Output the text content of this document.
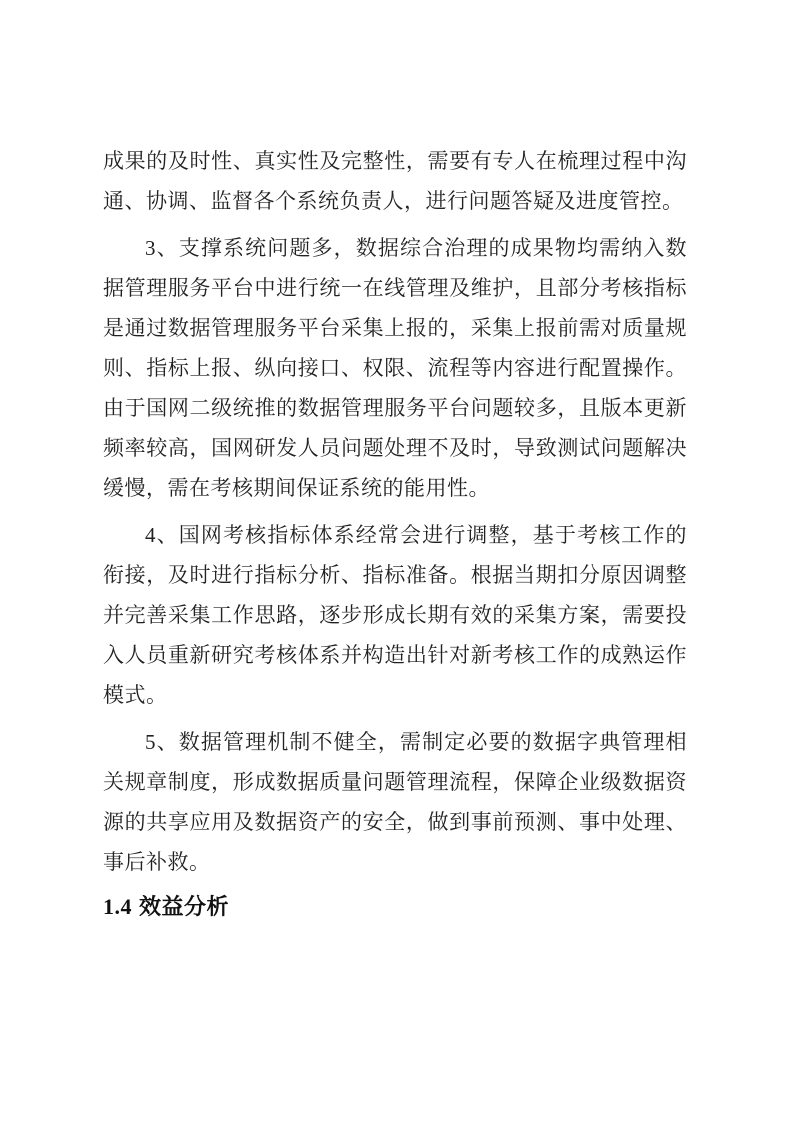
成果的及时性、真实性及完整性，需要有专人在梳理过程中沟通、协调、监督各个系统负责人，进行问题答疑及进度管控。

3、支撑系统问题多，数据综合治理的成果物均需纳入数据管理服务平台中进行统一在线管理及维护，且部分考核指标是通过数据管理服务平台采集上报的，采集上报前需对质量规则、指标上报、纵向接口、权限、流程等内容进行配置操作。由于国网二级统推的数据管理服务平台问题较多，且版本更新频率较高，国网研发人员问题处理不及时，导致测试问题解决缓慢，需在考核期间保证系统的能用性。

4、国网考核指标体系经常会进行调整，基于考核工作的衔接，及时进行指标分析、指标准备。根据当期扣分原因调整并完善采集工作思路，逐步形成长期有效的采集方案，需要投入人员重新研究考核体系并构造出针对新考核工作的成熟运作模式。

5、数据管理机制不健全，需制定必要的数据字典管理相关规章制度，形成数据质量问题管理流程，保障企业级数据资源的共享应用及数据资产的安全，做到事前预测、事中处理、事后补救。

1.4 效益分析
